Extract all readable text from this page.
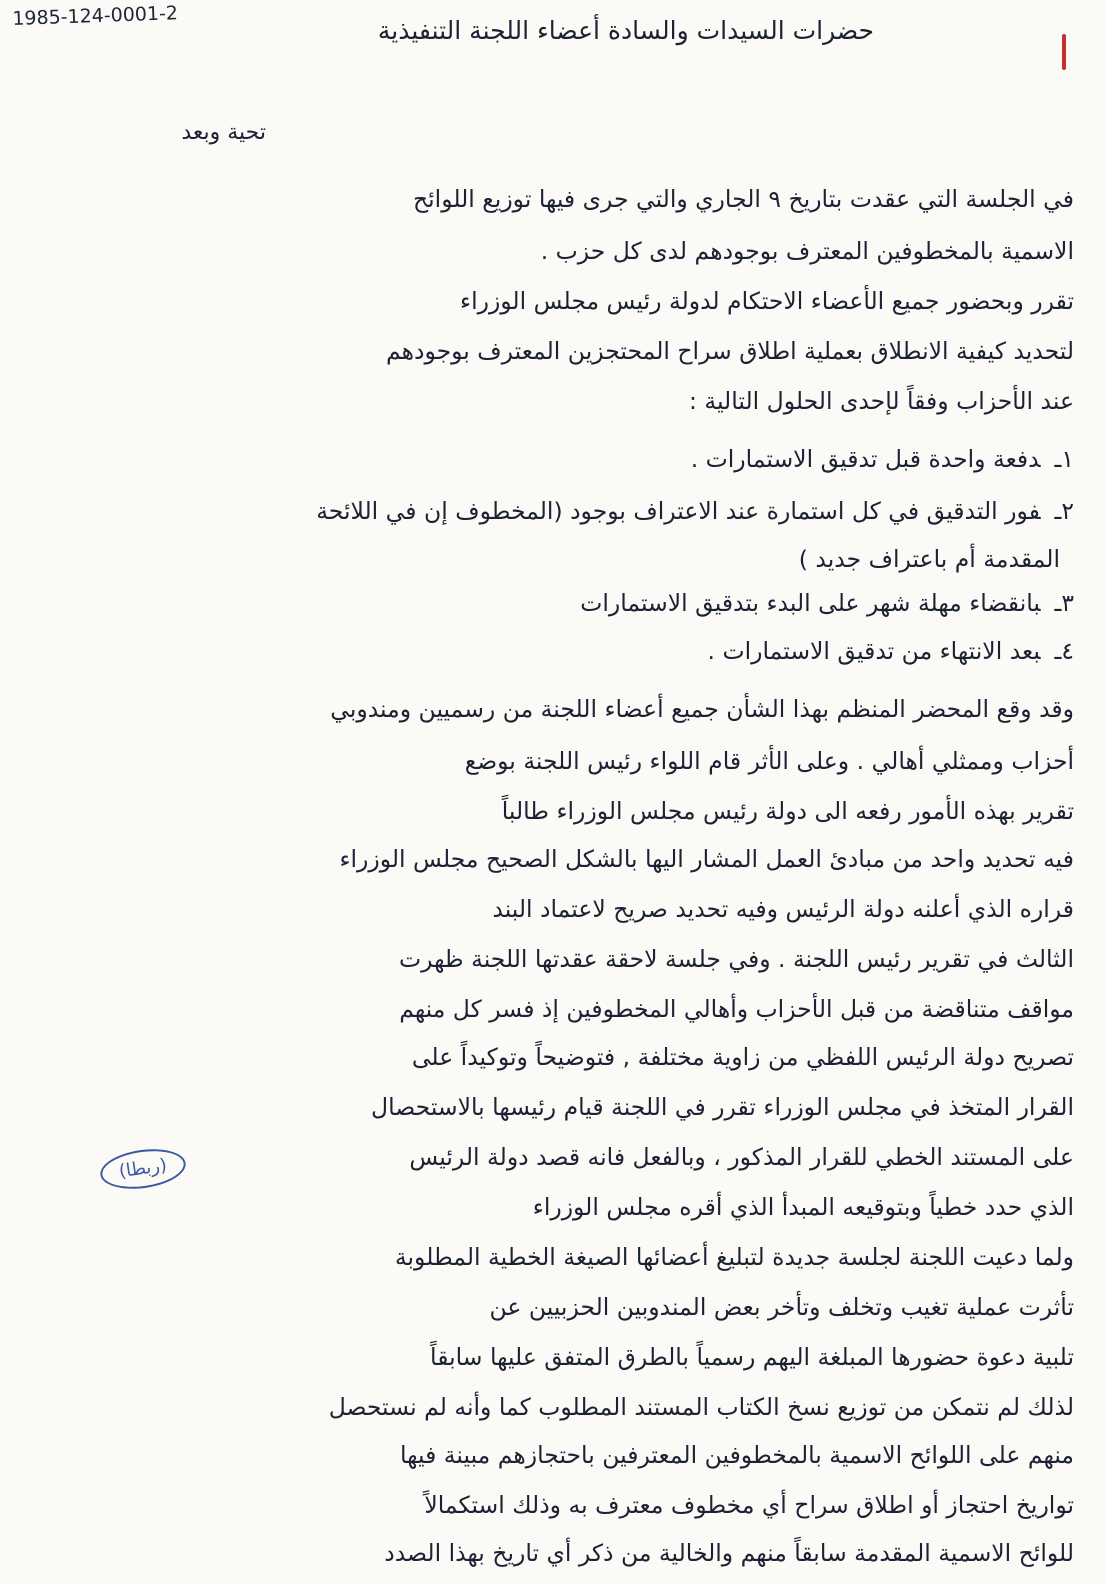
1985-124-0001-2	حضرات السيدات والسادة أعضاء اللجنة التنفيذية
تحية وبعد
في الجلسة التي عقدت بتاريخ ٩ الجاري والتي جرى فيها توزيع اللوائح
الاسمية بالمخطوفين المعترف بوجودهم لدى كل حزب .
تقرر وبحضور جميع الأعضاء الاحتكام لدولة رئيس مجلس الوزراء
لتحديد كيفية الانطلاق بعملية اطلاق سراح المحتجزين المعترف بوجودهم
عند الأحزاب وفقاً لإحدى الحلول التالية :
١ـدفعة واحدة قبل تدقيق الاستمارات .
٢ـفور التدقيق في كل استمارة عند الاعتراف بوجود (المخطوف إن في اللائحة
المقدمة أم باعتراف جديد )
٣ـبانقضاء مهلة شهر على البدء بتدقيق الاستمارات
٤ـبعد الانتهاء من تدقيق الاستمارات .
وقد وقع المحضر المنظم بهذا الشأن جميع أعضاء اللجنة من رسميين ومندوبي
أحزاب وممثلي أهالي . وعلى الأثر قام اللواء رئيس اللجنة بوضع
تقرير بهذه الأمور رفعه الى دولة رئيس مجلس الوزراء طالباً
فيه تحديد واحد من مبادئ العمل المشار اليها بالشكل الصحيح مجلس الوزراء
قراره الذي أعلنه دولة الرئيس وفيه تحديد صريح لاعتماد البند
الثالث في تقرير رئيس اللجنة . وفي جلسة لاحقة عقدتها اللجنة ظهرت
مواقف متناقضة من قبل الأحزاب وأهالي المخطوفين إذ فسر كل منهم
تصريح دولة الرئيس اللفظي من زاوية مختلفة , فتوضيحاً وتوكيداً على
القرار المتخذ في مجلس الوزراء تقرر في اللجنة قيام رئيسها بالاستحصال
على المستند الخطي للقرار المذكور ، وبالفعل فانه قصد دولة الرئيس
الذي حدد خطياً وبتوقيعه المبدأ الذي أقره مجلس الوزراء
ولما دعيت اللجنة لجلسة جديدة لتبليغ أعضائها الصيغة الخطية المطلوبة
تأثرت عملية تغيب وتخلف وتأخر بعض المندوبين الحزبيين عن
تلبية دعوة حضورها المبلغة اليهم رسمياً بالطرق المتفق عليها سابقاً
لذلك لم نتمكن من توزيع نسخ الكتاب المستند المطلوب كما وأنه لم نستحصل
منهم على اللوائح الاسمية بالمخطوفين المعترفين باحتجازهم مبينة فيها
تواريخ احتجاز أو اطلاق سراح أي مخطوف معترف به وذلك استكمالاً
للوائح الاسمية المقدمة سابقاً منهم والخالية من ذكر أي تاريخ بهذا الصدد
(ربطا)
